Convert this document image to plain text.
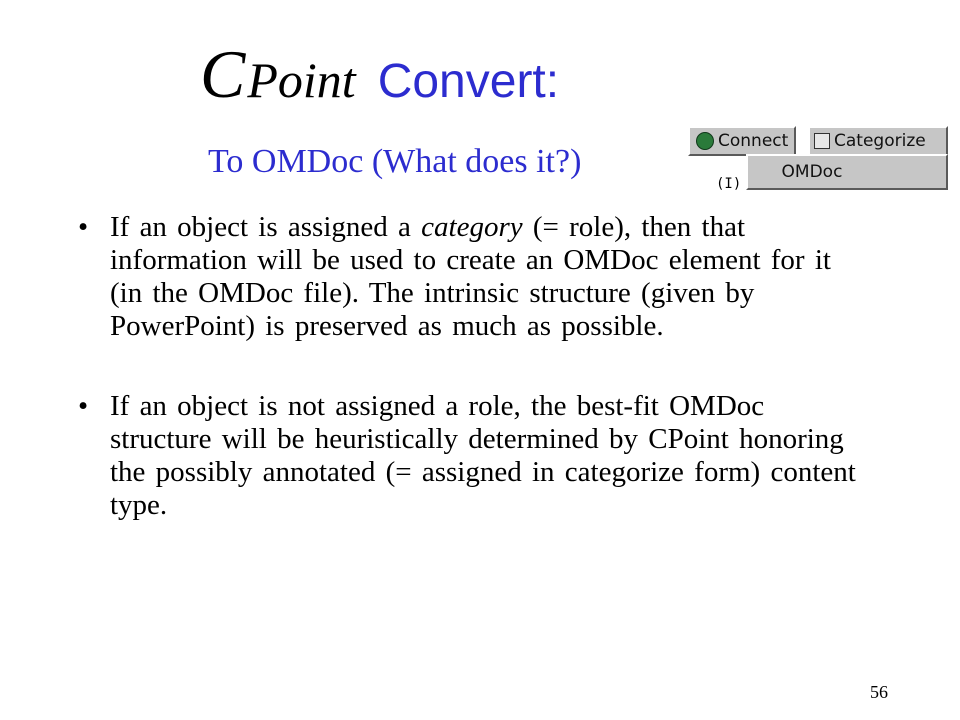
C Point Convert:
To OMDoc (What does it?)
Connect	Categorize
(I)
OMDoc
• If an object is assigned a category (= role), then that information will be used to create an OMDoc element for it (in the OMDoc file). The intrinsic structure (given by PowerPoint) is preserved as much as possible.
• If an object is not assigned a role, the best-fit OMDoc structure will be heuristically determined by CPoint honoring the possibly annotated (= assigned in categorize form) content type.
56
